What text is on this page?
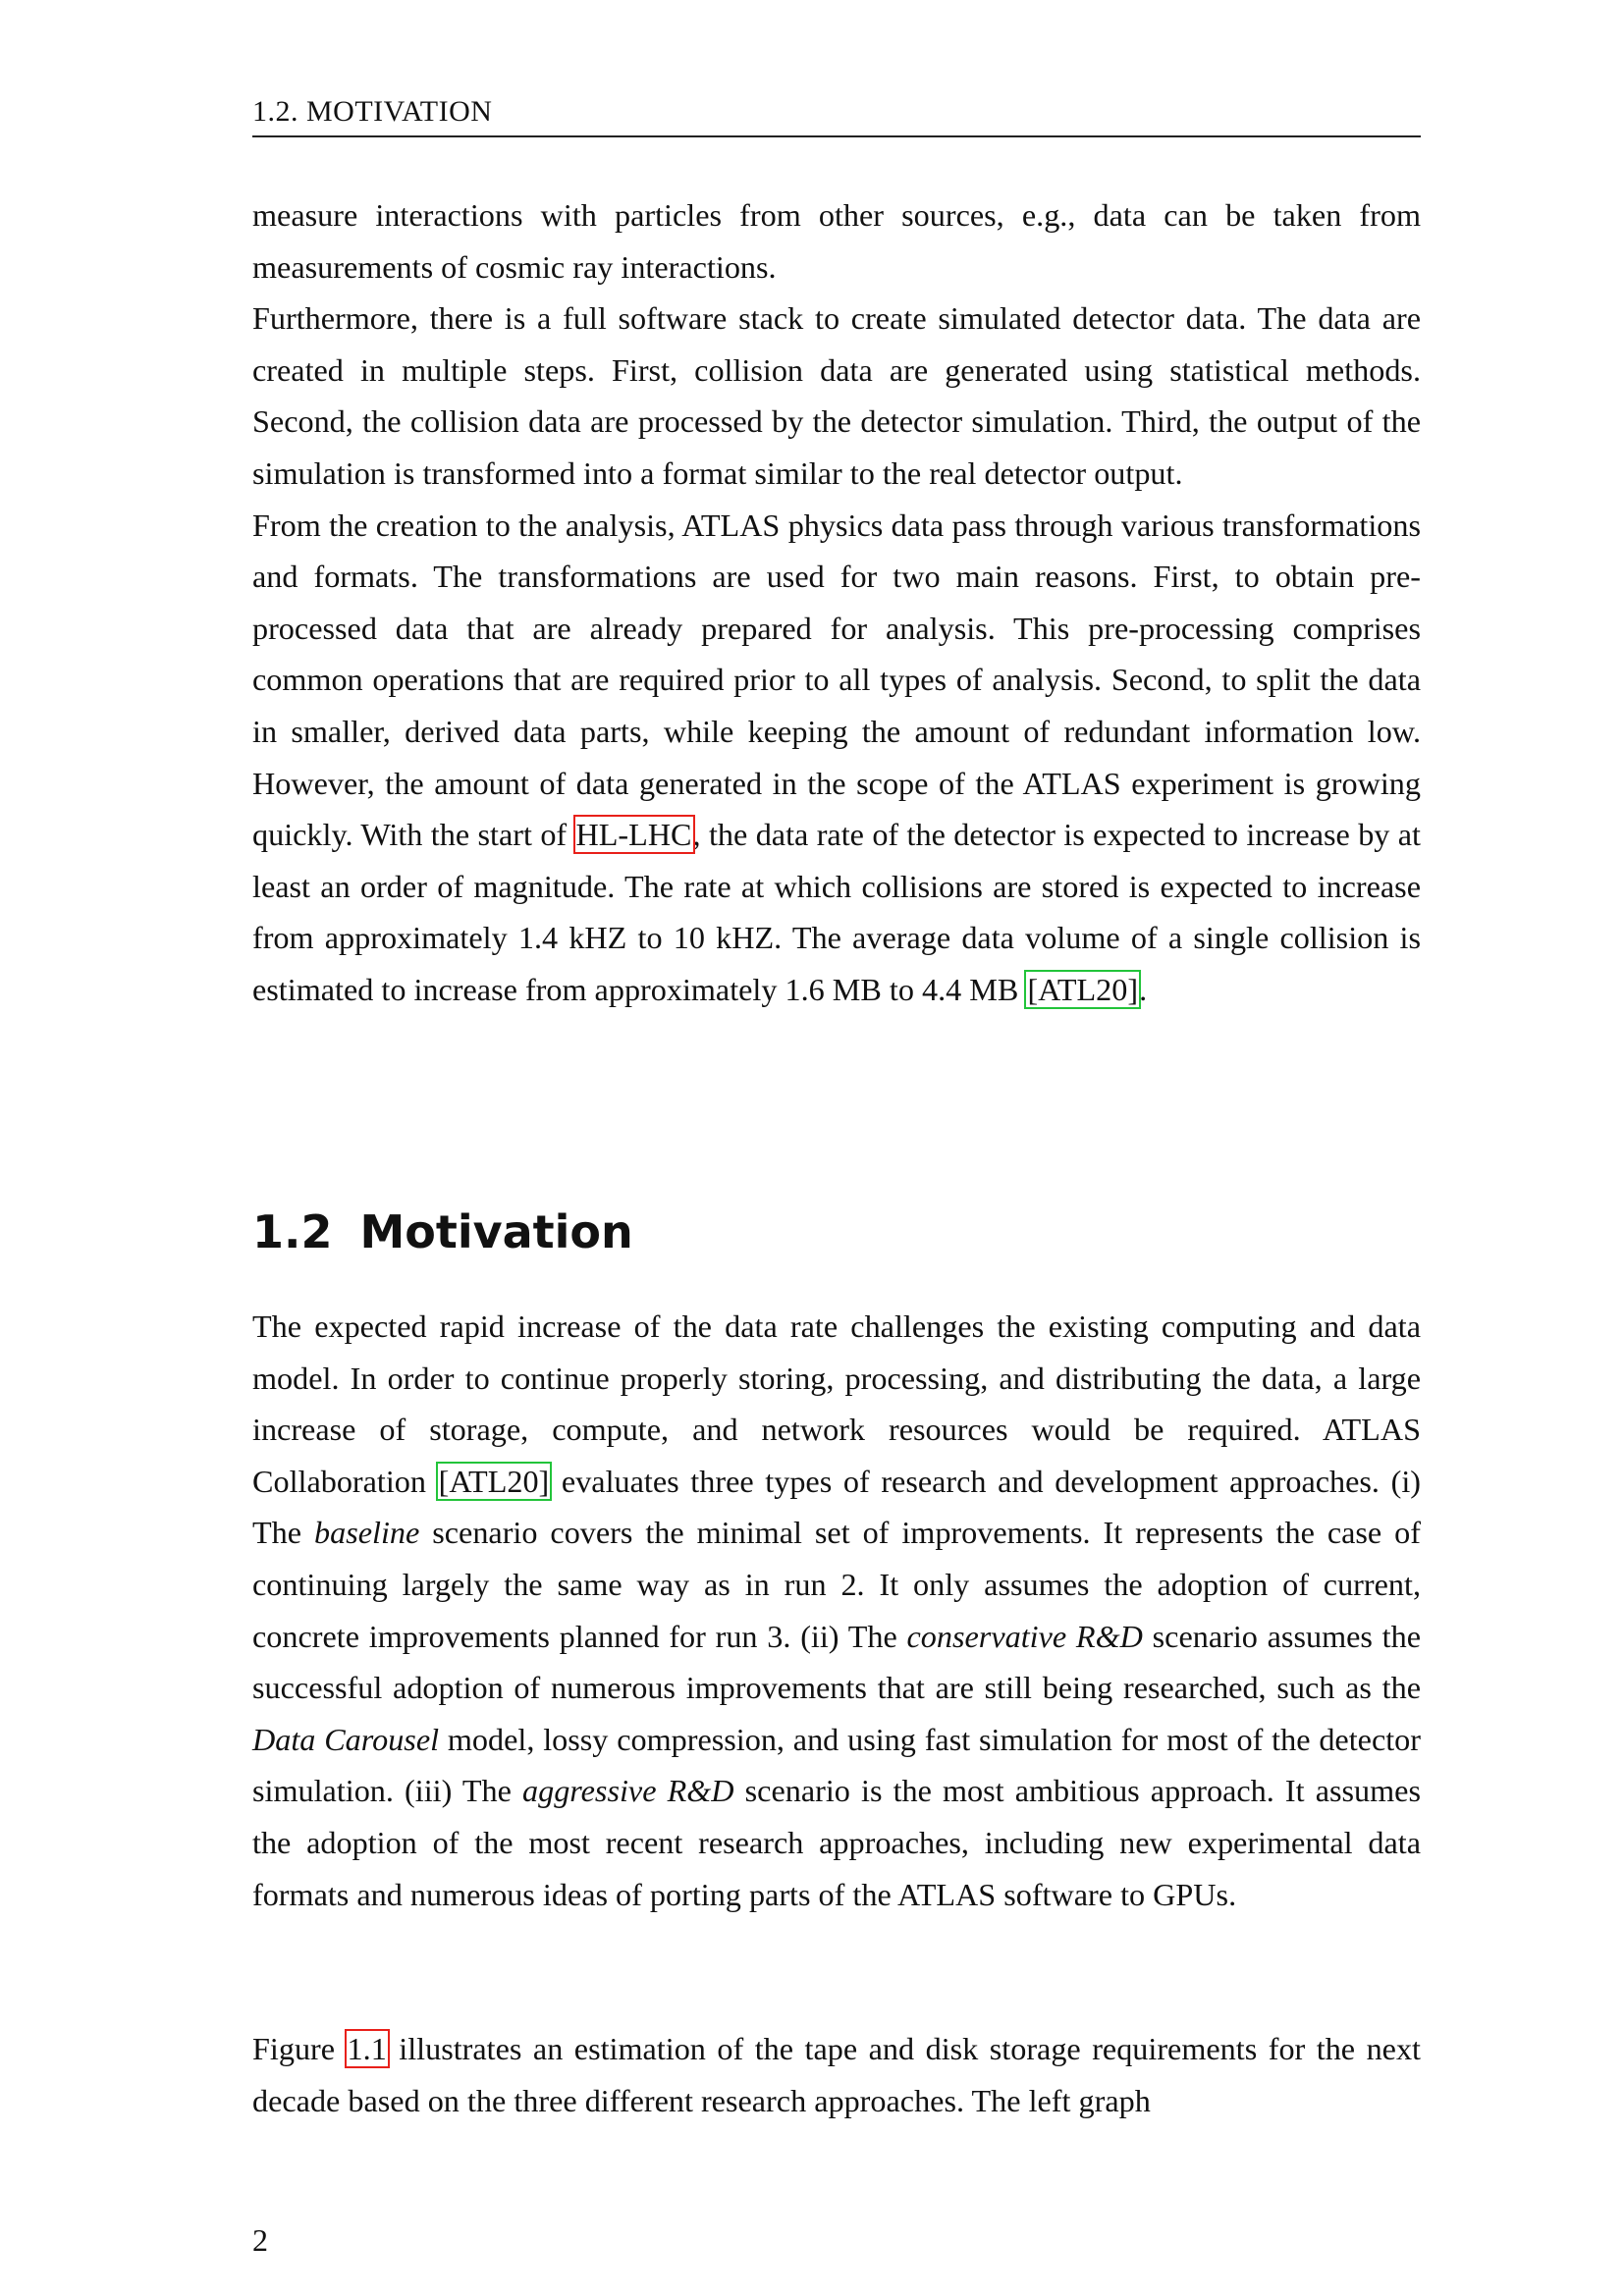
1.2. MOTIVATION

measure interactions with particles from other sources, e.g., data can be taken from measurements of cosmic ray interactions.

Furthermore, there is a full software stack to create simulated detector data. The data are created in multiple steps. First, collision data are generated using statistical methods. Second, the collision data are processed by the detector simulation. Third, the output of the simulation is transformed into a format similar to the real detector output.

From the creation to the analysis, ATLAS physics data pass through various transformations and formats. The transformations are used for two main reasons. First, to obtain pre-processed data that are already prepared for analysis. This pre-processing comprises common operations that are required prior to all types of analysis. Second, to split the data in smaller, derived data parts, while keeping the amount of redundant information low. However, the amount of data generated in the scope of the ATLAS experiment is growing quickly. With the start of HL-LHC, the data rate of the detector is expected to increase by at least an order of magnitude. The rate at which collisions are stored is expected to increase from approximately 1.4 kHZ to 10 kHZ. The average data volume of a single collision is estimated to increase from approximately 1.6 MB to 4.4 MB [ATL20].

1.2 Motivation

The expected rapid increase of the data rate challenges the existing computing and data model. In order to continue properly storing, processing, and distributing the data, a large increase of storage, compute, and network resources would be required. ATLAS Collaboration [ATL20] evaluates three types of research and development approaches. (i) The baseline scenario covers the minimal set of improvements. It represents the case of continuing largely the same way as in run 2. It only assumes the adoption of current, concrete improvements planned for run 3. (ii) The conservative R&D scenario assumes the successful adoption of numerous improvements that are still being researched, such as the Data Carousel model, lossy compression, and using fast simulation for most of the detector simulation. (iii) The aggressive R&D scenario is the most ambitious approach. It assumes the adoption of the most recent research approaches, including new experimental data formats and numerous ideas of porting parts of the ATLAS software to GPUs.

Figure 1.1 illustrates an estimation of the tape and disk storage requirements for the next decade based on the three different research approaches. The left graph

2
